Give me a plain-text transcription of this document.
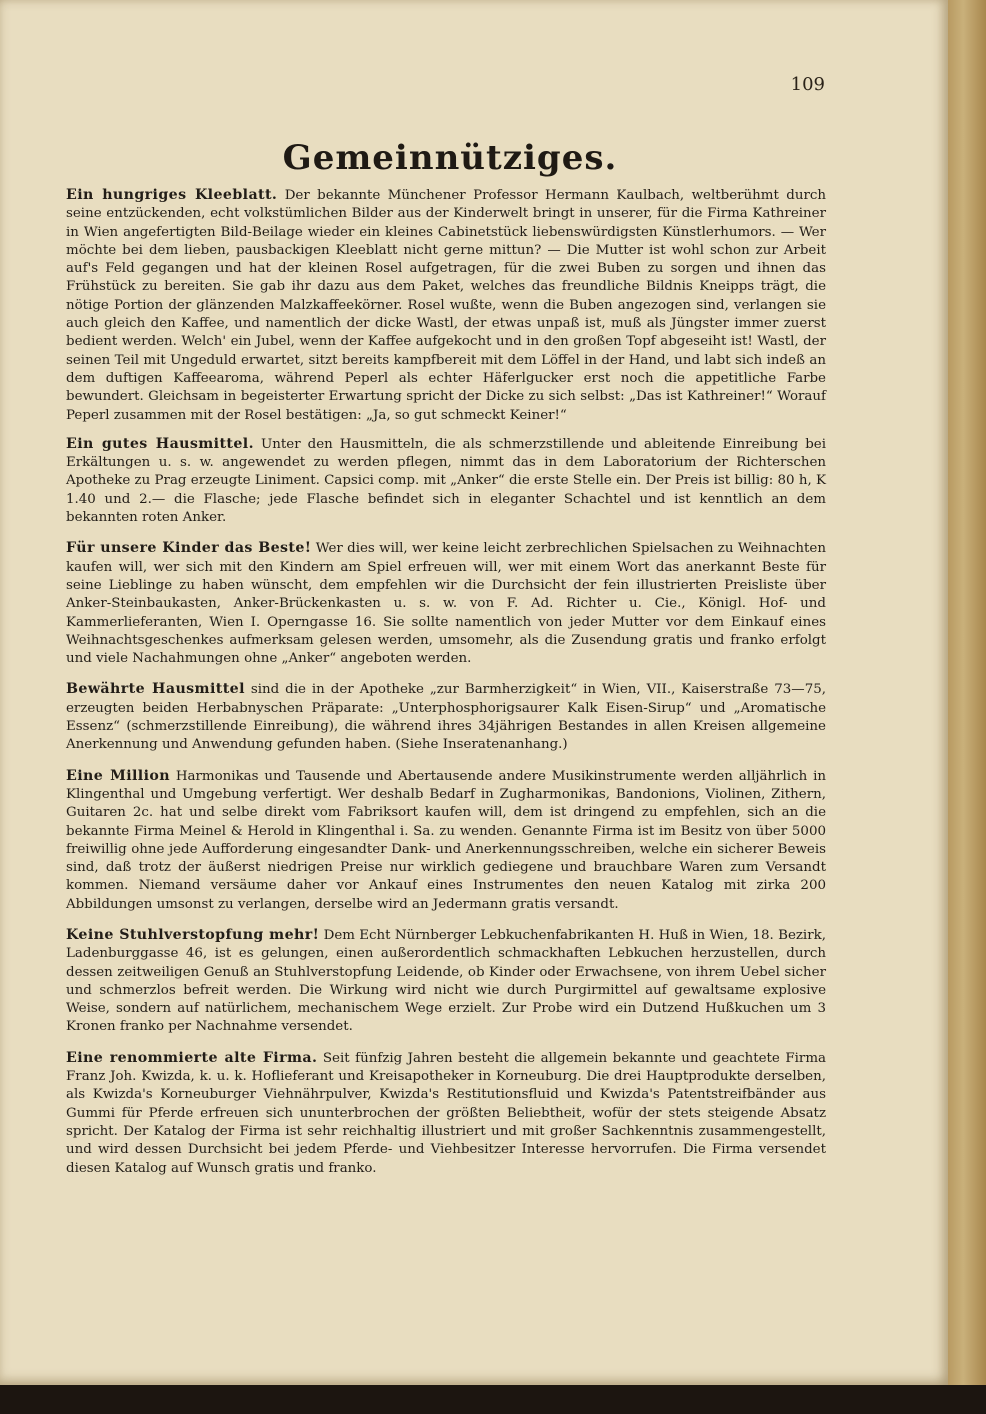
109
Gemeinnütziges.

Ein hungriges Kleeblatt. Der bekannte Münchener Professor Hermann Kaulbach, weltberühmt durch seine entzückenden, echt volkstümlichen Bilder aus der Kinderwelt bringt in unserer, für die Firma Kathreiner in Wien angefertigten Bild-Beilage wieder ein kleines Cabinetstück liebenswürdigsten Künstlerhumors. — Wer möchte bei dem lieben, pausbackigen Kleeblatt nicht gerne mittun? — Die Mutter ist wohl schon zur Arbeit auf's Feld gegangen und hat der kleinen Rosel aufgetragen, für die zwei Buben zu sorgen und ihnen das Frühstück zu bereiten. Sie gab ihr dazu aus dem Paket, welches das freundliche Bildnis Kneipps trägt, die nötige Portion der glänzenden Malzkaffeekörner. Rosel wußte, wenn die Buben angezogen sind, verlangen sie auch gleich den Kaffee, und namentlich der dicke Wastl, der etwas unpaß ist, muß als Jüngster immer zuerst bedient werden. Welch' ein Jubel, wenn der Kaffee aufgekocht und in den großen Topf abgeseiht ist! Wastl, der seinen Teil mit Ungeduld erwartet, sitzt bereits kampfbereit mit dem Löffel in der Hand, und labt sich indeß an dem duftigen Kaffeearoma, während Peperl als echter Häferlgucker erst noch die appetitliche Farbe bewundert. Gleichsam in begeisterter Erwartung spricht der Dicke zu sich selbst: „Das ist Kathreiner!“ Worauf Peperl zusammen mit der Rosel bestätigen: „Ja, so gut schmeckt Keiner!“

Ein gutes Hausmittel. Unter den Hausmitteln, die als schmerzstillende und ableitende Einreibung bei Erkältungen u. s. w. angewendet zu werden pflegen, nimmt das in dem Laboratorium der Richterschen Apotheke zu Prag erzeugte Liniment. Capsici comp. mit „Anker“ die erste Stelle ein. Der Preis ist billig: 80 h, K 1.40 und 2.— die Flasche; jede Flasche befindet sich in eleganter Schachtel und ist kenntlich an dem bekannten roten Anker.

Für unsere Kinder das Beste! Wer dies will, wer keine leicht zerbrechlichen Spielsachen zu Weihnachten kaufen will, wer sich mit den Kindern am Spiel erfreuen will, wer mit einem Wort das anerkannt Beste für seine Lieblinge zu haben wünscht, dem empfehlen wir die Durchsicht der fein illustrierten Preisliste über Anker-Steinbaukasten, Anker-Brückenkasten u. s. w. von F. Ad. Richter u. Cie., Königl. Hof- und Kammerlieferanten, Wien I. Operngasse 16. Sie sollte namentlich von jeder Mutter vor dem Einkauf eines Weihnachtsgeschenkes aufmerksam gelesen werden, umsomehr, als die Zusendung gratis und franko erfolgt und viele Nachahmungen ohne „Anker“ angeboten werden.

Bewährte Hausmittel sind die in der Apotheke „zur Barmherzigkeit“ in Wien, VII., Kaiserstraße 73—75, erzeugten beiden Herbabnyschen Präparate: „Unterphosphorigsaurer Kalk Eisen-Sirup“ und „Aromatische Essenz“ (schmerzstillende Einreibung), die während ihres 34jährigen Bestandes in allen Kreisen allgemeine Anerkennung und Anwendung gefunden haben. (Siehe Inseratenanhang.)

Eine Million Harmonikas und Tausende und Abertausende andere Musikinstrumente werden alljährlich in Klingenthal und Umgebung verfertigt. Wer deshalb Bedarf in Zugharmonikas, Bandonions, Violinen, Zithern, Guitaren 2c. hat und selbe direkt vom Fabriksort kaufen will, dem ist dringend zu empfehlen, sich an die bekannte Firma Meinel & Herold in Klingenthal i. Sa. zu wenden. Genannte Firma ist im Besitz von über 5000 freiwillig ohne jede Aufforderung eingesandter Dank- und Anerkennungsschreiben, welche ein sicherer Beweis sind, daß trotz der äußerst niedrigen Preise nur wirklich gediegene und brauchbare Waren zum Versandt kommen. Niemand versäume daher vor Ankauf eines Instrumentes den neuen Katalog mit zirka 200 Abbildungen umsonst zu verlangen, derselbe wird an Jedermann gratis versandt.

Keine Stuhlverstopfung mehr! Dem Echt Nürnberger Lebkuchenfabrikanten H. Huß in Wien, 18. Bezirk, Ladenburggasse 46, ist es gelungen, einen außerordentlich schmackhaften Lebkuchen herzustellen, durch dessen zeitweiligen Genuß an Stuhlverstopfung Leidende, ob Kinder oder Erwachsene, von ihrem Uebel sicher und schmerzlos befreit werden. Die Wirkung wird nicht wie durch Purgirmittel auf gewaltsame explosive Weise, sondern auf natürlichem, mechanischem Wege erzielt. Zur Probe wird ein Dutzend Hußkuchen um 3 Kronen franko per Nachnahme versendet.

Eine renommierte alte Firma. Seit fünfzig Jahren besteht die allgemein bekannte und geachtete Firma Franz Joh. Kwizda, k. u. k. Hoflieferant und Kreisapotheker in Korneuburg. Die drei Hauptprodukte derselben, als Kwizda's Korneuburger Viehnährpulver, Kwizda's Restitutionsfluid und Kwizda's Patentstreifbänder aus Gummi für Pferde erfreuen sich ununterbrochen der größten Beliebtheit, wofür der stets steigende Absatz spricht. Der Katalog der Firma ist sehr reichhaltig illustriert und mit großer Sachkenntnis zusammengestellt, und wird dessen Durchsicht bei jedem Pferde- und Viehbesitzer Interesse hervorrufen. Die Firma versendet diesen Katalog auf Wunsch gratis und franko.
